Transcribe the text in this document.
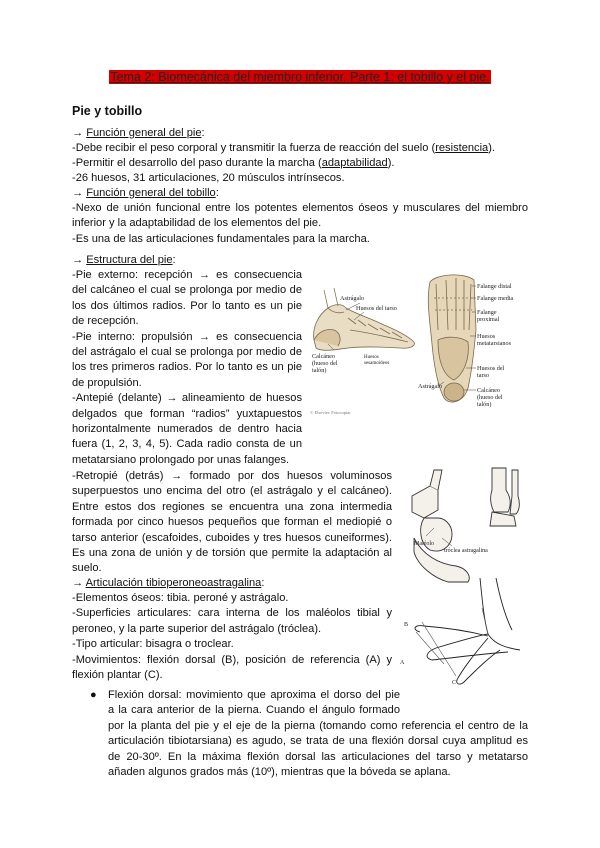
Tema 2: Biomecánica del miembro inferior. Parte 1: el tobillo y el pie.
Pie y tobillo
→ Función general del pie:
-Debe recibir el peso corporal y transmitir la fuerza de reacción del suelo (resistencia).
-Permitir el desarrollo del paso durante la marcha (adaptabilidad).
-26 huesos, 31 articulaciones, 20 músculos intrínsecos.
→ Función general del tobillo:

-Nexo de unión funcional entre los potentes elementos óseos y musculares del miembro

inferior y la adaptabilidad de los elementos del pie.

-Es una de las articulaciones fundamentales para la marcha.

→ Estructura del pie:

-Pie externo: recepción → es consecuencia

del calcáneo el cual se prolonga por medio de

los dos últimos radios. Por lo tanto es un pie

de recepción.

-Pie interno: propulsión → es consecuencia

del astrágalo el cual se prolonga por medio de

los tres primeros radios. Por lo tanto es un pie

de propulsión.

-Antepié (delante) → alineamiento de huesos

delgados que forman “radios” yuxtapuestos

horizontalmente numerados de dentro hacia

fuera (1, 2, 3, 4, 5). Cada radio consta de un

metatarsiano prolongado por unas falanges.

-Retropié (detrás) → formado por dos huesos voluminosos

superpuestos uno encima del otro (el astrágalo y el calcáneo).

Entre estos dos regiones se encuentra una zona intermedia

formada por cinco huesos pequeños que forman el mediopié o

tarso anterior (escafoides, cuboides y tres huesos cuneiformes).

Es una zona de unión y de torsión que permite la adaptación al

suelo.

→ Articulación tibioperoneoastragalina:

-Elementos óseos: tibia. peroné y astrágalo.

-Superficies articulares: cara interna de los maléolos tibial y

peroneo, y la parte superior del astrágalo (tróclea).

-Tipo articular: bisagra o troclear.

-Movimientos: flexión dorsal (B), posición de referencia (A) y

flexión plantar (C).

● Flexión dorsal: movimiento que aproxima el dorso del pie

a la cara anterior de la pierna. Cuando el ángulo formado

por la planta del pie y el eje de la pierna (tomando como referencia el centro de la

articulación tibiotarsiana) es agudo, se trata de una flexión dorsal cuya amplitud es

de 20-30º. En la máxima flexión dorsal las articulaciones del tarso y metatarso

añaden algunos grados más (10º), mientras que la bóveda se aplana.

Astrágalo
Huesos del tarso
Calcáneo
(hueso del
talón)
Huesos
sesamoideos
Falange distal
Falange media
Falange
proximal
Huesos
metatarsianos
Huesos del
tarso
Calcáneo
(hueso del
talón)
Astrágalo
© Elsevier. Fotocopiar
Maléolo
tróclea astragalina
B
A
C
